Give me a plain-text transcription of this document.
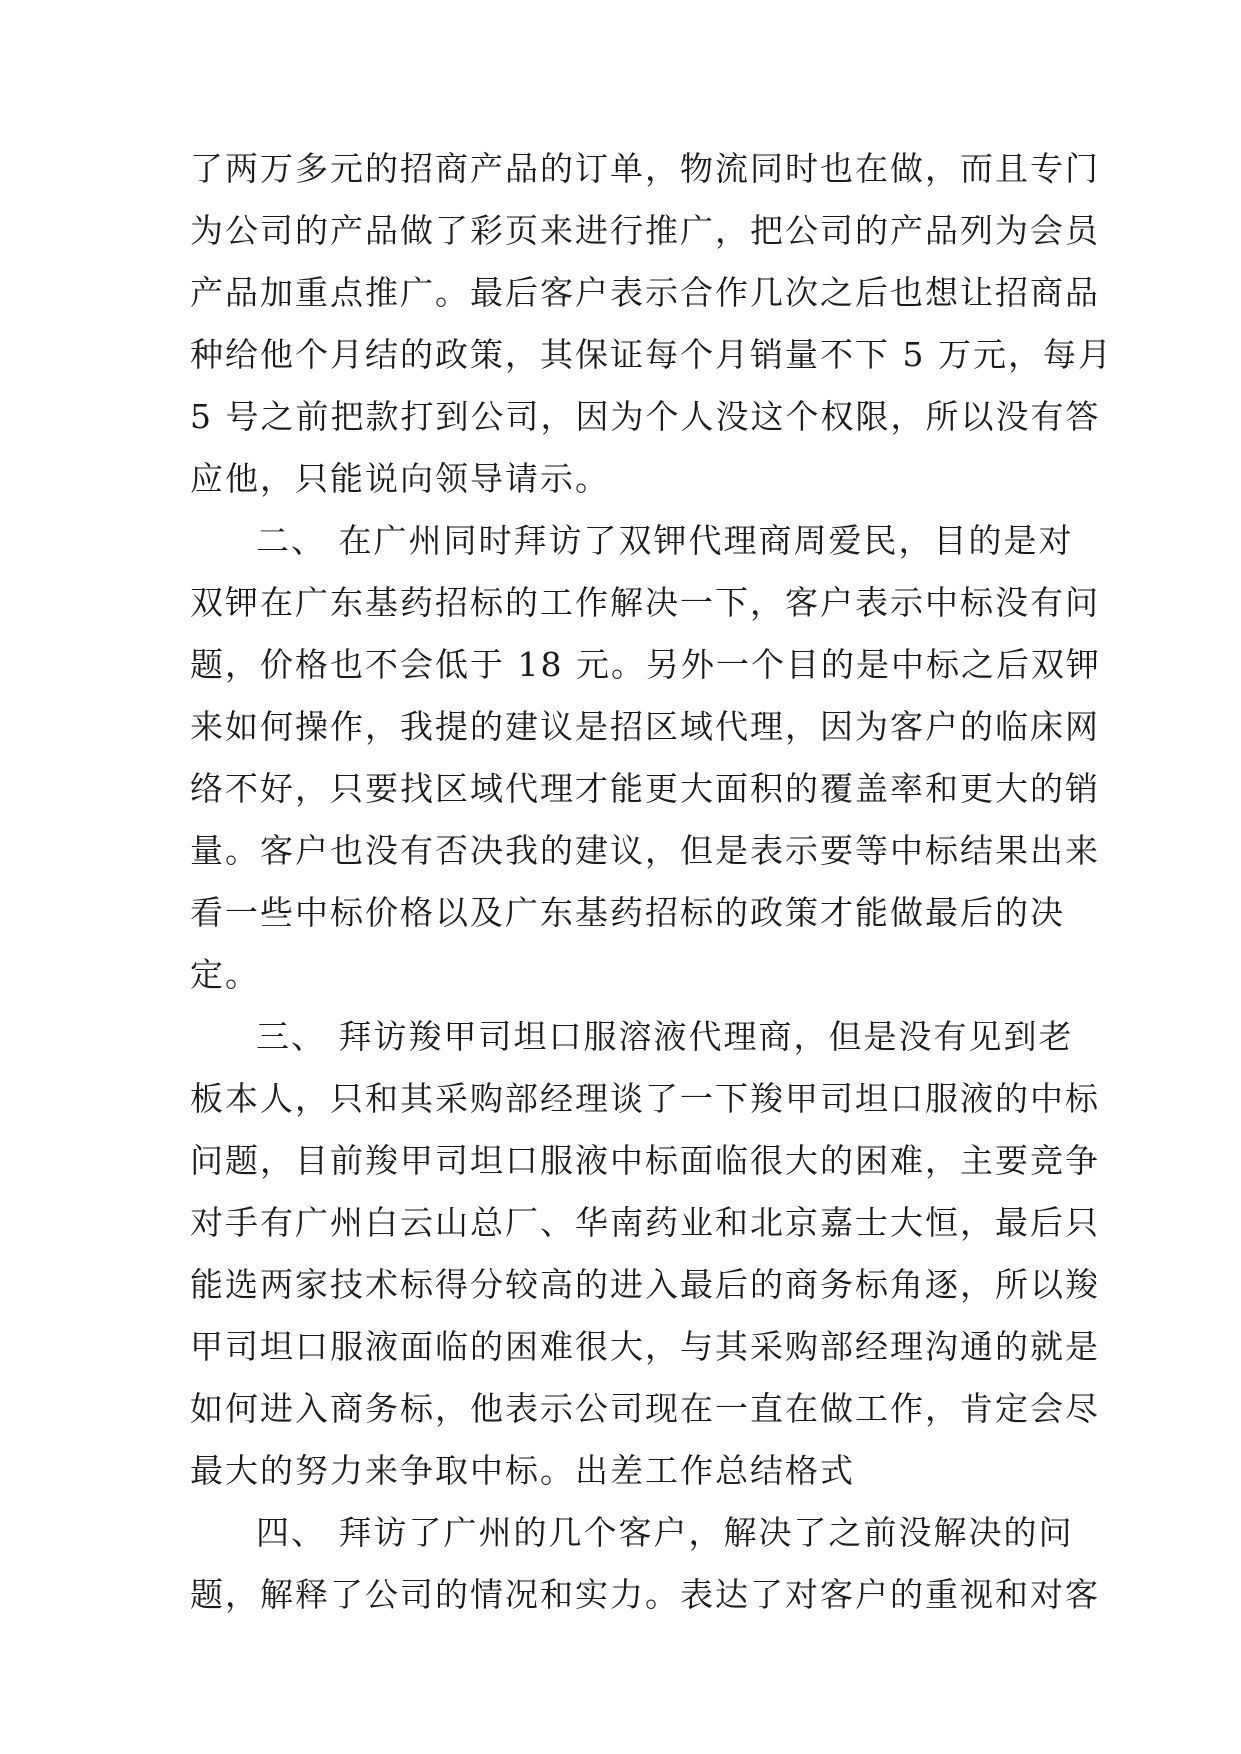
了两万多元的招商产品的订单，物流同时也在做，而且专门
为公司的产品做了彩页来进行推广，把公司的产品列为会员
产品加重点推广。最后客户表示合作几次之后也想让招商品
种给他个月结的政策，其保证每个月销量不下 5 万元，每月
5 号之前把款打到公司，因为个人没这个权限，所以没有答
应他，只能说向领导请示。
二、 在广州同时拜访了双钾代理商周爱民，目的是对
双钾在广东基药招标的工作解决一下，客户表示中标没有问
题，价格也不会低于 18 元。另外一个目的是中标之后双钾
来如何操作，我提的建议是招区域代理，因为客户的临床网
络不好，只要找区域代理才能更大面积的覆盖率和更大的销
量。客户也没有否决我的建议，但是表示要等中标结果出来
看一些中标价格以及广东基药招标的政策才能做最后的决
定。
三、 拜访羧甲司坦口服溶液代理商，但是没有见到老
板本人，只和其采购部经理谈了一下羧甲司坦口服液的中标
问题，目前羧甲司坦口服液中标面临很大的困难，主要竞争
对手有广州白云山总厂、华南药业和北京嘉士大恒，最后只
能选两家技术标得分较高的进入最后的商务标角逐，所以羧
甲司坦口服液面临的困难很大，与其采购部经理沟通的就是
如何进入商务标，他表示公司现在一直在做工作，肯定会尽
最大的努力来争取中标。出差工作总结格式
四、 拜访了广州的几个客户，解决了之前没解决的问
题，解释了公司的情况和实力。表达了对客户的重视和对客
